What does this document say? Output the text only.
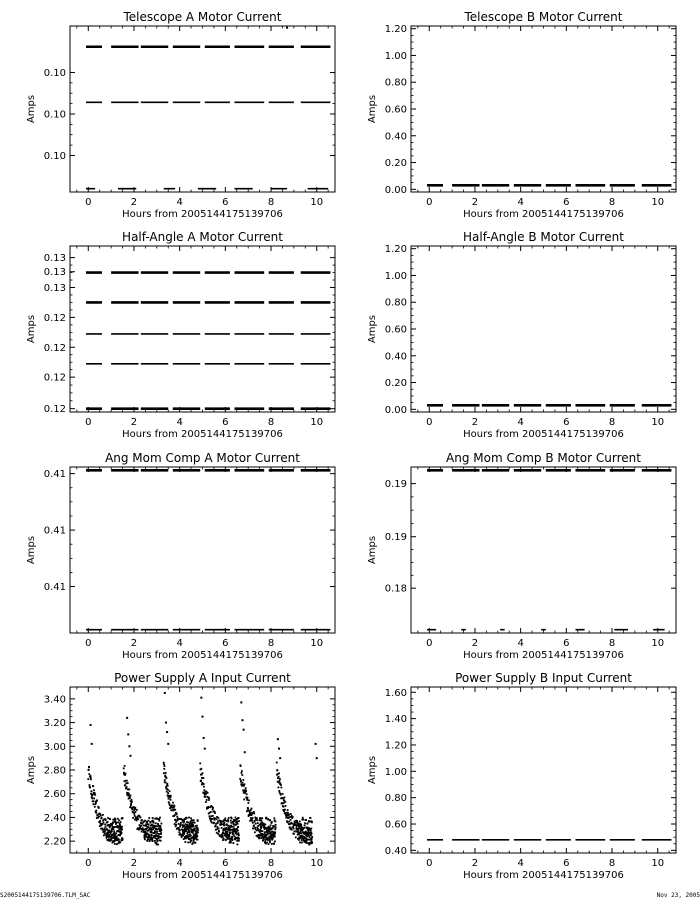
Telescope A Motor Current
0	2	4	6	8	10
0.10
0.10
0.10
Hours from 2005144175139706
Amps
Telescope B Motor Current
0	2	4	6	8	10
0.00
0.20
0.40
0.60
0.80
1.00
1.20
Hours from 2005144175139706
Amps
Half-Angle A Motor Current
0	2	4	6	8	10
0.12
0.12
0.12
0.12
0.13
0.13
0.13
Hours from 2005144175139706
Amps
Half-Angle B Motor Current
0	2	4	6	8	10
0.00
0.20
0.40
0.60
0.80
1.00
1.20
Hours from 2005144175139706
Amps
Ang Mom Comp A Motor Current
0	2	4	6	8	10
0.41
0.41
0.41
Hours from 2005144175139706
Amps
Ang Mom Comp B Motor Current
0	2	4	6	8	10
0.18
0.19
0.19
Hours from 2005144175139706
Amps
Power Supply A Input Current
0	2	4	6	8	10
2.20
2.40
2.60
2.80
3.00
3.20
3.40
Hours from 2005144175139706
Amps
Power Supply B Input Current
0	2	4	6	8	10
0.40
0.60
0.80
1.00
1.20
1.40
1.60
Hours from 2005144175139706
Amps
S2005144175139706.TLM_SAC	Nov 23, 2005
